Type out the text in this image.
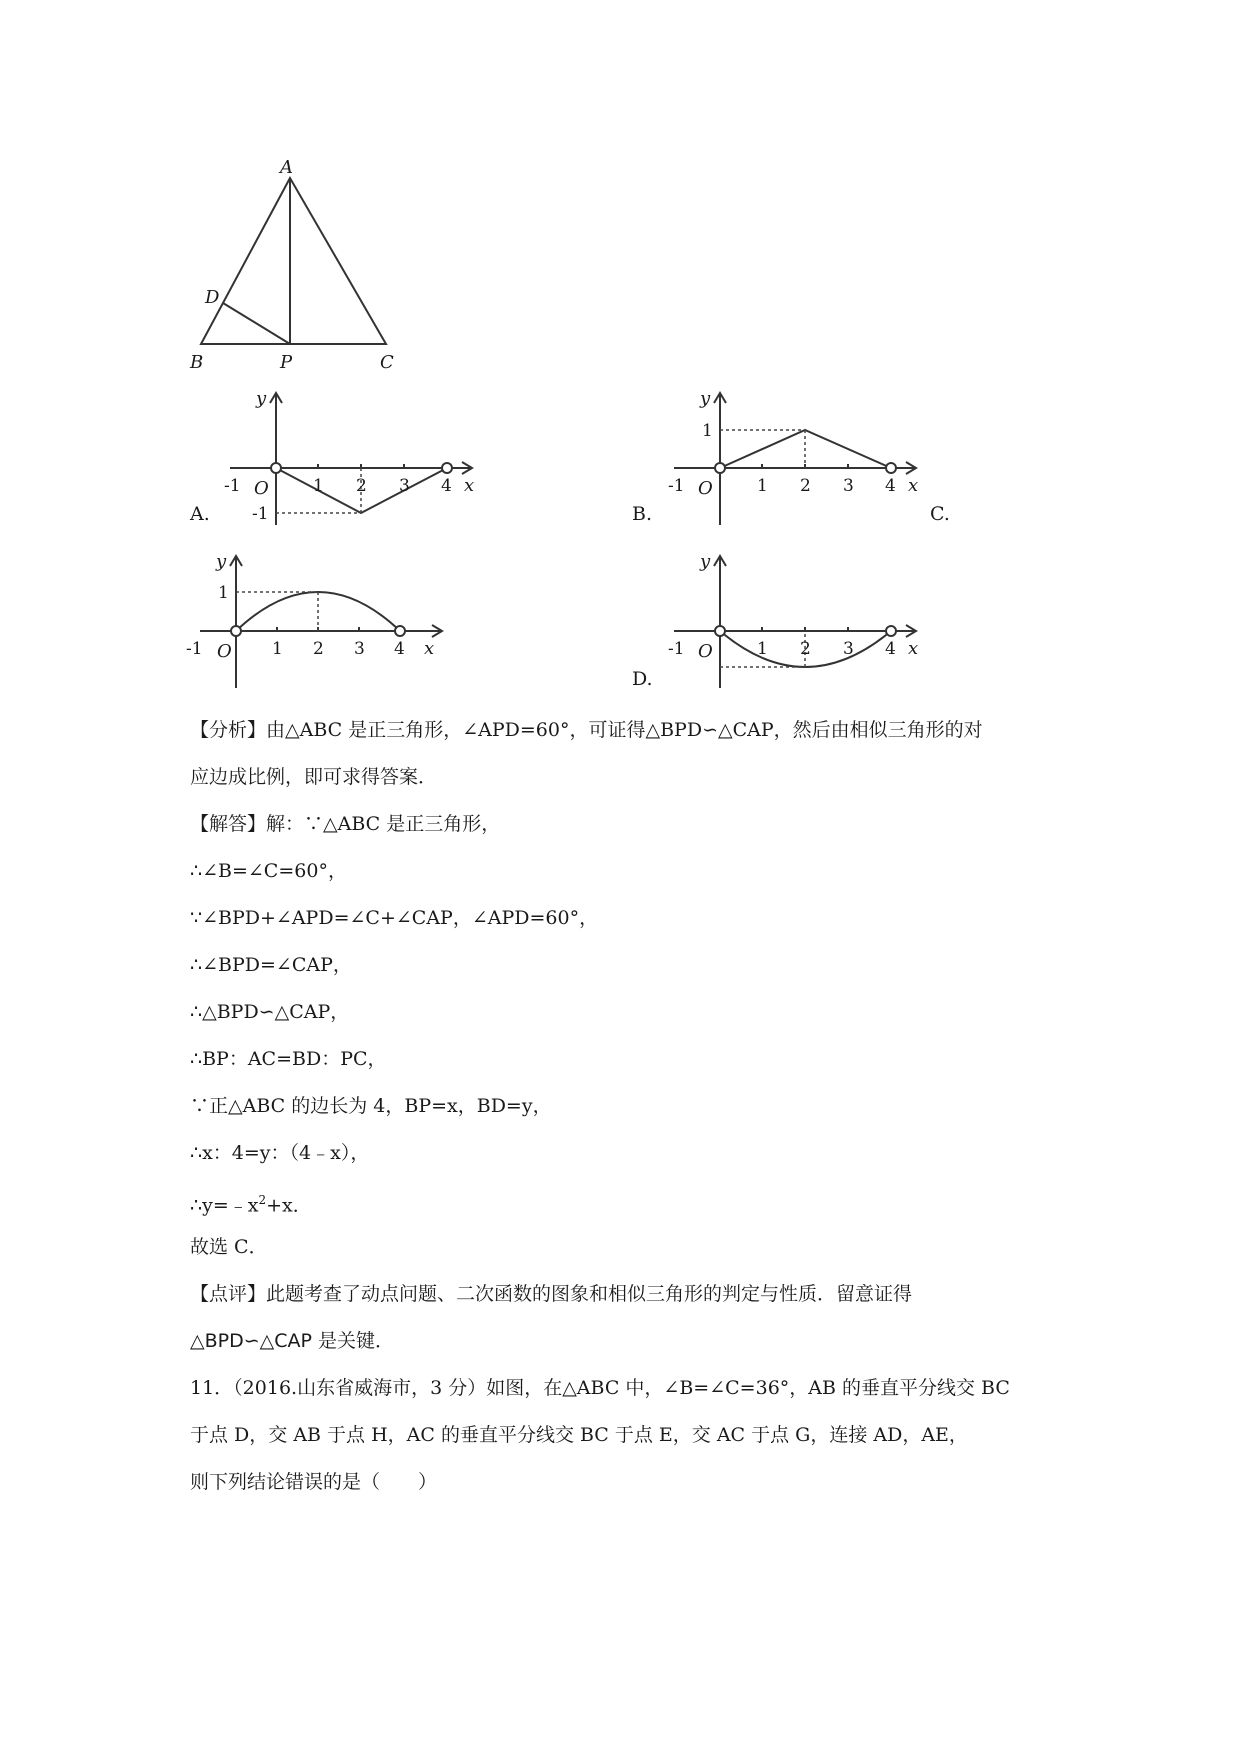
A
D
B	P	C
A.
-1	1 2 3 4
O
-1
x
y
B.
-1	1 2 3 4
O
1
x
y
C.
-1	1 2 3 4
O
1
x
y
D.
-1	1 2 3 4
O	x
y
【分析】由△ABC 是正三角形，∠APD=60°，可证得△BPD∽△CAP，然后由相似三角形的对
应边成比例，即可求得答案．
【解答】解：∵△ABC 是正三角形，
∴∠B=∠C=60°，
∵∠BPD+∠APD=∠C+∠CAP，∠APD=60°，
∴∠BPD=∠CAP，
∴△BPD∽△CAP，
∴BP：AC=BD：PC，
∵正△ABC 的边长为 4，BP=x，BD=y，
∴x：4=y：（4﹣x），
$\therefore y=﹣x^2+x$．
故选 C．
【点评】此题考查了动点问题、二次函数的图象和相似三角形的判定与性质．留意证得
△BPD∽△CAP 是关键．
11．（2016.山东省威海市，3 分）如图，在△ABC 中，∠B=∠C=36°，AB 的垂直平分线交 BC
于点 D，交 AB 于点 H，AC 的垂直平分线交 BC 于点 E，交 AC 于点 G，连接 AD，AE，
则下列结论错误的是（　　）
